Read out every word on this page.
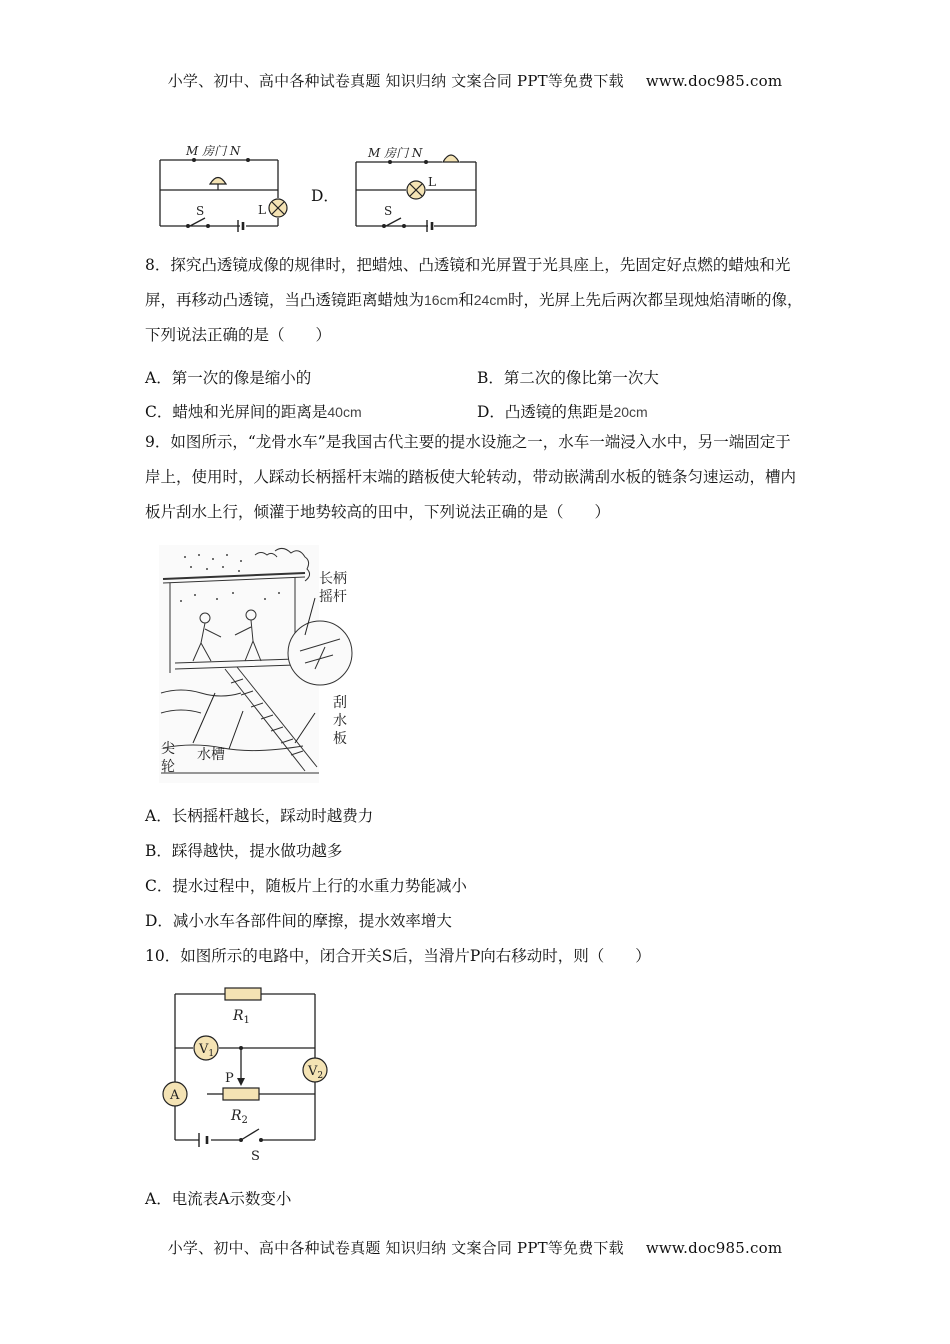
小学、初中、高中各种试卷真题 知识归纳 文案合同 PPT等免费下载 www.doc985.com
M 房门 N
L
S
D．
M 房门 N
L
S
8．探究凸透镜成像的规律时，把蜡烛、凸透镜和光屏置于光具座上，先固定好点燃的蜡烛和光屏，再移动凸透镜，当凸透镜距离蜡烛为16cm和24cm时，光屏上先后两次都呈现烛焰清晰的像，下列说法正确的是（　　）
A．第一次的像是缩小的	B．第二次的像比第一次大
C．蜡烛和光屏间的距离是40cm	D．凸透镜的焦距是20cm
9．如图所示，“龙骨水车”是我国古代主要的提水设施之一，水车一端浸入水中，另一端固定于岸上，使用时，人踩动长柄摇杆末端的踏板使大轮转动，带动嵌满刮水板的链条匀速运动，槽内板片刮水上行，倾灌于地势较高的田中，下列说法正确的是（　　）
长柄
摇杆
刮
水
板
尖
轮
水槽
A．长柄摇杆越长，踩动时越费力
B．踩得越快，提水做功越多
C．提水过程中，随板片上行的水重力势能减小
D．减小水车各部件间的摩擦，提水效率增大
10．如图所示的电路中，闭合开关S后，当滑片P向右移动时，则（　　）
$R_1$
$R_2$
$V_1$
$V_2$
A
P
S
A．电流表A示数变小
小学、初中、高中各种试卷真题 知识归纳 文案合同 PPT等免费下载 www.doc985.com
